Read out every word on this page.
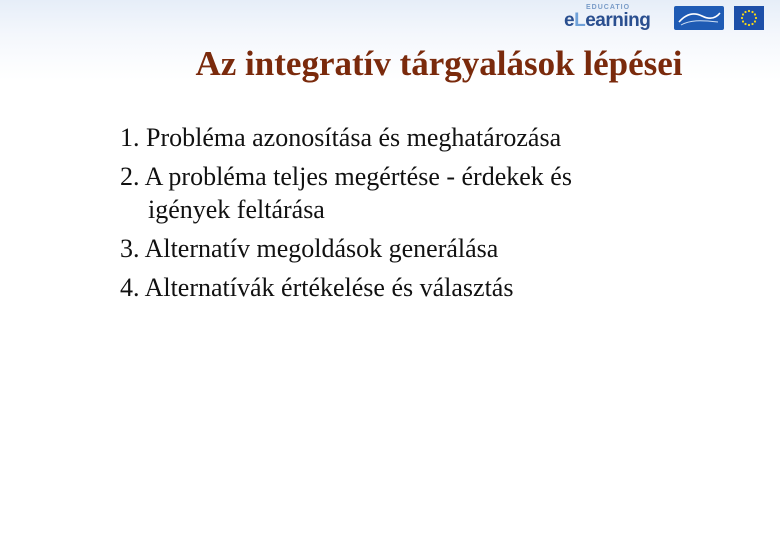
EDUCATIO
eLearning
Az integratív tárgyalások lépései
1. Probléma azonosítása és meghatározása
2. A probléma teljes megértése - érdekek és
igények feltárása
3. Alternatív megoldások generálása
4. Alternatívák értékelése és választás
